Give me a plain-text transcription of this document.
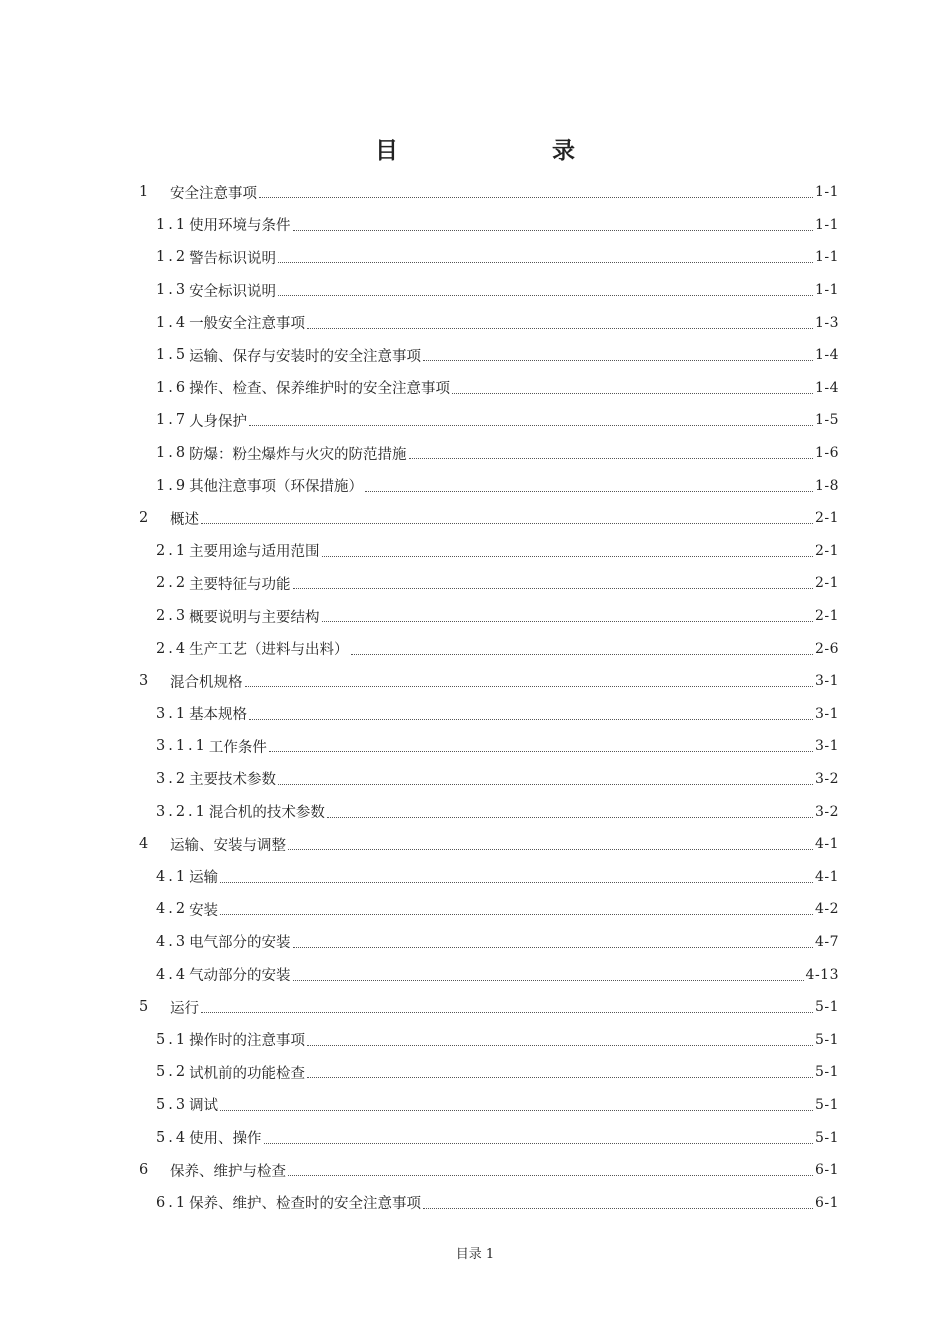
目　　录
1	安全注意事项	1-1
1.1 使用环境与条件	1-1
1.2 警告标识说明	1-1
1.3 安全标识说明	1-1
1.4 一般安全注意事项	1-3
1.5 运输、保存与安装时的安全注意事项	1-4
1.6 操作、检查、保养维护时的安全注意事项	1-4
1.7 人身保护	1-5
1.8 防爆：粉尘爆炸与火灾的防范措施	1-6
1.9 其他注意事项（环保措施）	1-8
2	概述	2-1
2.1 主要用途与适用范围	2-1
2.2 主要特征与功能	2-1
2.3 概要说明与主要结构	2-1
2.4 生产工艺（进料与出料）	2-6
3	混合机规格	3-1
3.1 基本规格	3-1
3.1.1 工作条件	3-1
3.2 主要技术参数	3-2
3.2.1 混合机的技术参数	3-2
4	运输、安装与调整	4-1
4.1 运输	4-1
4.2 安装	4-2
4.3 电气部分的安装	4-7
4.4 气动部分的安装	4-13
5	运行	5-1
5.1 操作时的注意事项	5-1
5.2 试机前的功能检查	5-1
5.3 调试	5-1
5.4 使用、操作	5-1
6	保养、维护与检查	6-1
6.1 保养、维护、检查时的安全注意事项	6-1
目录 1
